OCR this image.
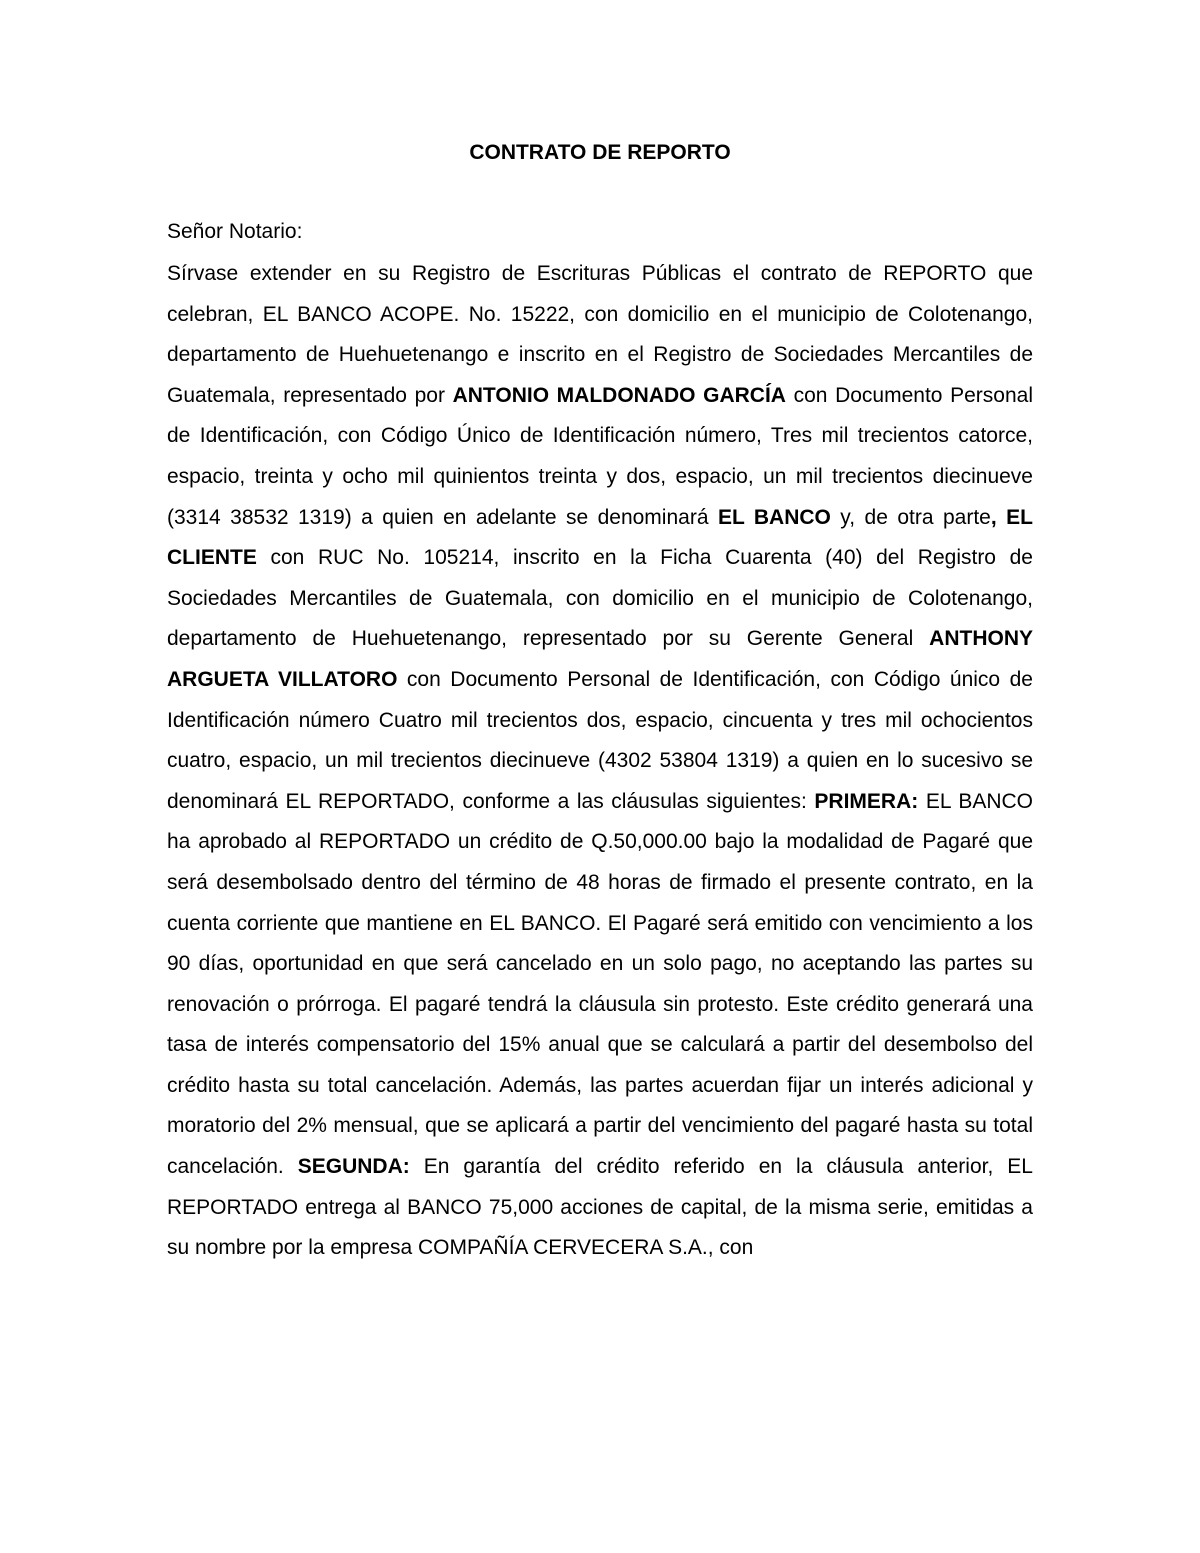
CONTRATO DE REPORTO

Señor Notario:

Sírvase extender en su Registro de Escrituras Públicas el contrato de REPORTO que celebran, EL BANCO ACOPE. No. 15222, con domicilio en el municipio de Colotenango, departamento de Huehuetenango e inscrito en el Registro de Sociedades Mercantiles de Guatemala, representado por ANTONIO MALDONADO GARCÍA con Documento Personal de Identificación, con Código Único de Identificación número, Tres mil trecientos catorce, espacio, treinta y ocho mil quinientos treinta y dos, espacio, un mil trecientos diecinueve (3314 38532 1319) a quien en adelante se denominará EL BANCO y, de otra parte, EL CLIENTE con RUC No. 105214, inscrito en la Ficha Cuarenta (40) del Registro de Sociedades Mercantiles de Guatemala, con domicilio en el municipio de Colotenango, departamento de Huehuetenango, representado por su Gerente General ANTHONY ARGUETA VILLATORO con Documento Personal de Identificación, con Código único de Identificación número Cuatro mil trecientos dos, espacio, cincuenta y tres mil ochocientos cuatro, espacio, un mil trecientos diecinueve (4302 53804 1319) a quien en lo sucesivo se denominará EL REPORTADO, conforme a las cláusulas siguientes: PRIMERA: EL BANCO ha aprobado al REPORTADO un crédito de Q.50,000.00 bajo la modalidad de Pagaré que será desembolsado dentro del término de 48 horas de firmado el presente contrato, en la cuenta corriente que mantiene en EL BANCO. El Pagaré será emitido con vencimiento a los 90 días, oportunidad en que será cancelado en un solo pago, no aceptando las partes su renovación o prórroga. El pagaré tendrá la cláusula sin protesto. Este crédito generará una tasa de interés compensatorio del 15% anual que se calculará a partir del desembolso del crédito hasta su total cancelación. Además, las partes acuerdan fijar un interés adicional y moratorio del 2% mensual, que se aplicará a partir del vencimiento del pagaré hasta su total cancelación. SEGUNDA: En garantía del crédito referido en la cláusula anterior, EL REPORTADO entrega al BANCO 75,000 acciones de capital, de la misma serie, emitidas a su nombre por la empresa COMPAÑÍA CERVECERA S.A., con
